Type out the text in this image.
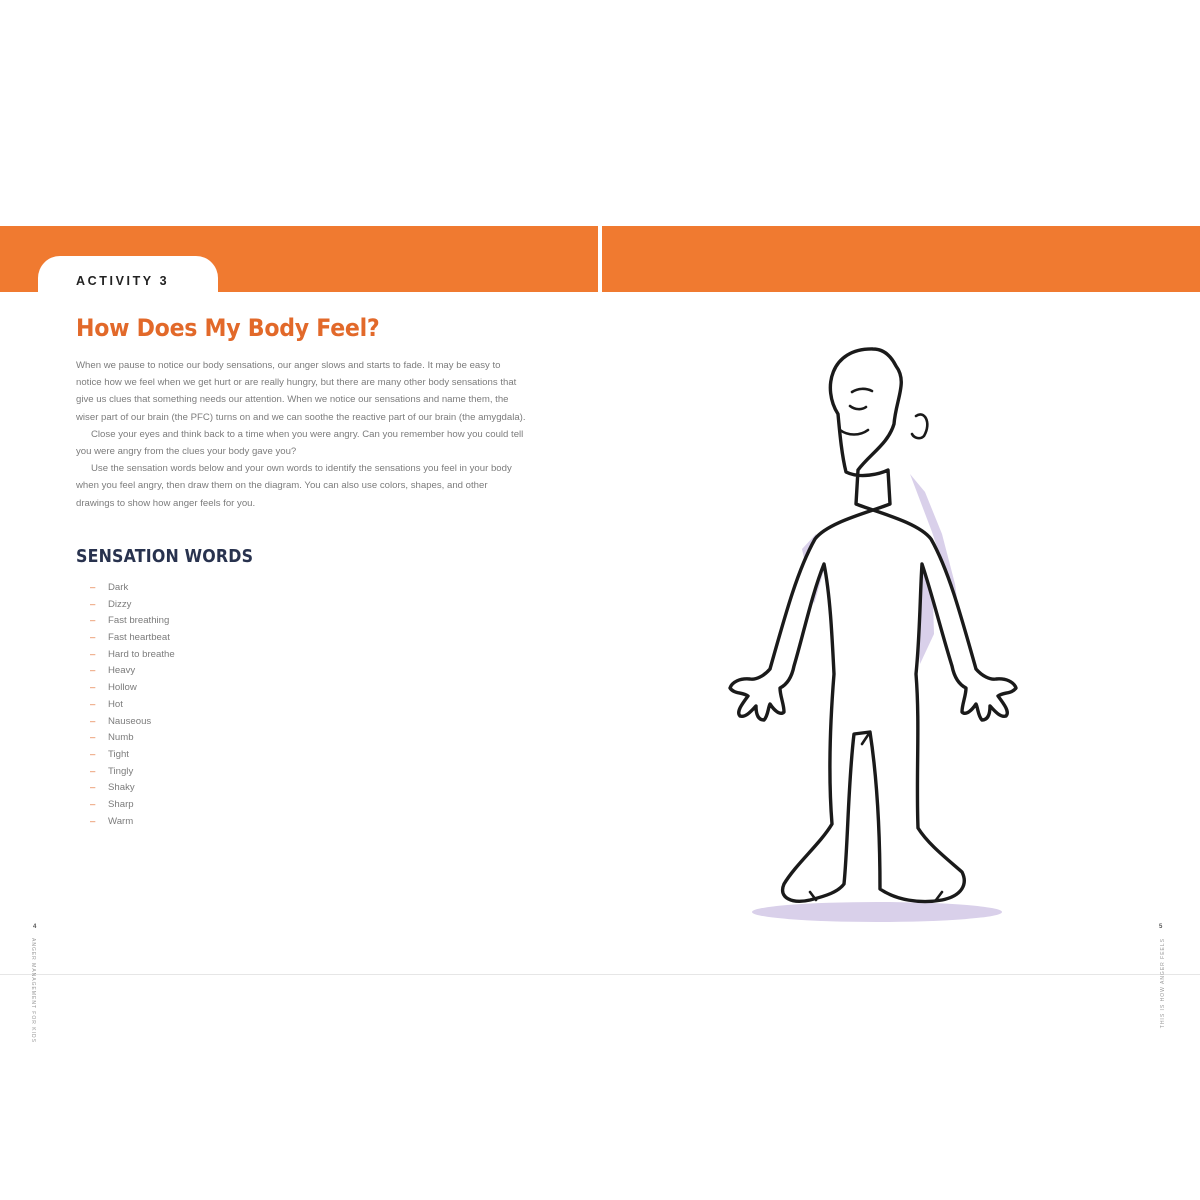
ACTIVITY 3
How Does My Body Feel?

When we pause to notice our body sensations, our anger slows and starts to fade. It may be easy to notice how we feel when we get hurt or are really hungry, but there are many other body sensations that give us clues that something needs our attention. When we notice our sensations and name them, the wiser part of our brain (the PFC) turns on and we can soothe the reactive part of our brain (the amygdala).

Close your eyes and think back to a time when you were angry. Can you remember how you could tell you were angry from the clues your body gave you?

Use the sensation words below and your own words to identify the sensations you feel in your body when you feel angry, then draw them on the diagram. You can also use colors, shapes, and other drawings to show how anger feels for you.

SENSATION WORDS
– Dark
– Dizzy
– Fast breathing
– Fast heartbeat
– Hard to breathe
– Heavy
– Hollow
– Hot
– Nauseous
– Numb
– Tight
– Tingly
– Shaky
– Sharp
– Warm
ANGER MANAGEMENT FOR KIDS	THIS IS HOW ANGER FEELS
4	5
